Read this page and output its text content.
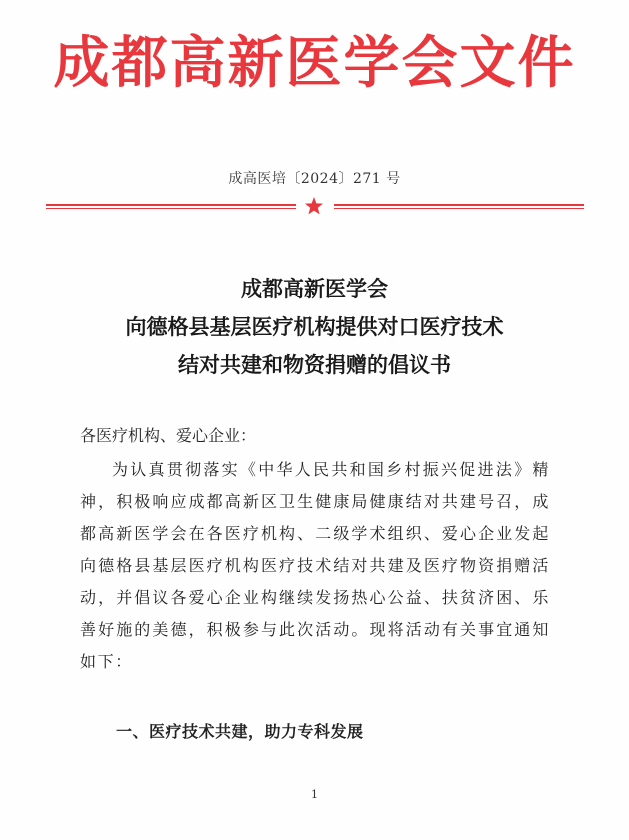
成都高新医学会文件
成高医培〔2024〕271 号
成都高新医学会
向德格县基层医疗机构提供对口医疗技术
结对共建和物资捐赠的倡议书
各医疗机构、爱心企业：
为认真贯彻落实《中华人民共和国乡村振兴促进法》精神，积极响应成都高新区卫生健康局健康结对共建号召，成都高新医学会在各医疗机构、二级学术组织、爱心企业发起向德格县基层医疗机构医疗技术结对共建及医疗物资捐赠活动，并倡议各爱心企业构继续发扬热心公益、扶贫济困、乐善好施的美德，积极参与此次活动。现将活动有关事宜通知如下：
一、医疗技术共建，助力专科发展
1
